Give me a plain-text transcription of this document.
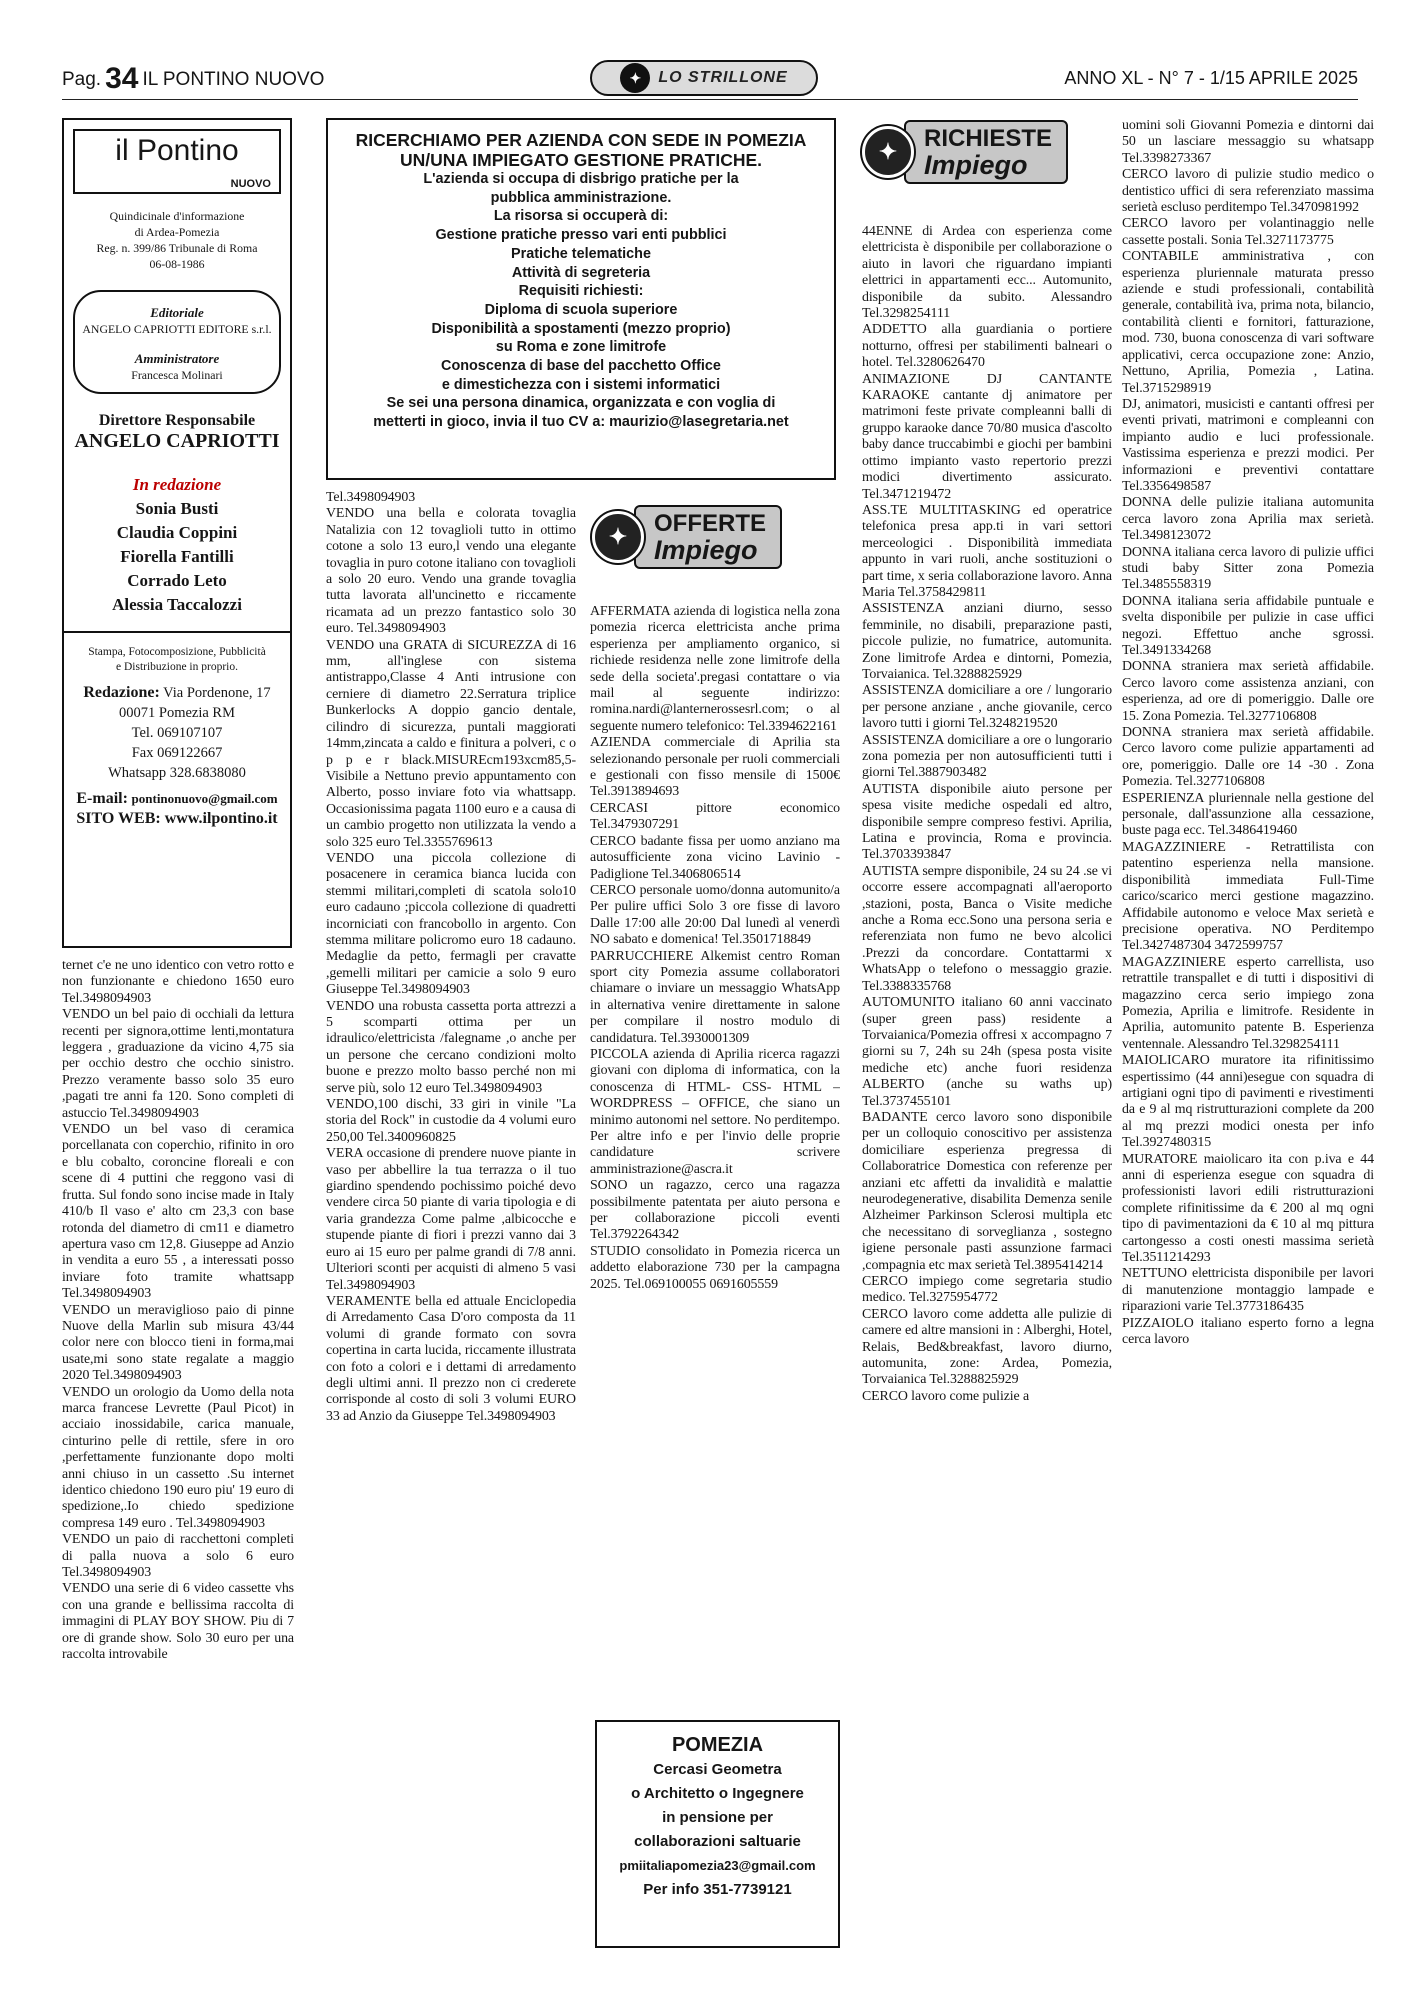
Pag. 34 IL PONTINO NUOVO	✦	LO STRILLONE	ANNO XL - N° 7 - 1/15 APRILE 2025
il Pontino
NUOVO
Quindicinale d'informazione
di Ardea-Pomezia
Reg. n. 399/86 Tribunale di Roma
06-08-1986
Editoriale
ANGELO CAPRIOTTI EDITORE s.r.l.
Amministratore
Francesca Molinari
Direttore Responsabile
ANGELO CAPRIOTTI
In redazione
Sonia Busti
Claudia Coppini
Fiorella Fantilli
Corrado Leto
Alessia Taccalozzi
Stampa, Fotocomposizione, Pubblicità
e Distribuzione in proprio.
Redazione: Via Pordenone, 17
00071 Pomezia RM
Tel. 069107107
Fax 069122667
Whatsapp 328.6838080
E-mail: pontinonuovo@gmail.com
SITO WEB: www.ilpontino.it
RICERCHIAMO PER AZIENDA CON SEDE IN POMEZIA
UN/UNA IMPIEGATO GESTIONE PRATICHE.
L'azienda si occupa di disbrigo pratiche per la
pubblica amministrazione.
La risorsa si occuperà di:
Gestione pratiche presso vari enti pubblici
Pratiche telematiche
Attività di segreteria
Requisiti richiesti:
Diploma di scuola superiore
Disponibilità a spostamenti (mezzo proprio)
su Roma e zone limitrofe
Conoscenza di base del pacchetto Office
e dimestichezza con i sistemi informatici
Se sei una persona dinamica, organizzata e con voglia di
metterti in gioco, invia il tuo CV a: maurizio@lasegretaria.net
✦	OFFERTE
Impiego
✦	RICHIESTE
Impiego

ternet c'e ne uno identico con vetro rotto e non funzionante e chiedono 1650 euro Tel.3498094903

VENDO un bel paio di occhiali da lettura recenti per signora,ottime lenti,montatura leggera , graduazione da vicino 4,75 sia per occhio destro che occhio sinistro. Prezzo veramente basso solo 35 euro ,pagati tre anni fa 120. Sono completi di astuccio Tel.3498094903

VENDO un bel vaso di ceramica porcellanata con coperchio, rifinito in oro e blu cobalto, coroncine floreali e con scene di 4 puttini che reggono vasi di frutta. Sul fondo sono incise made in Italy 410/b Il vaso e' alto cm 23,3 con base rotonda del diametro di cm11 e diametro apertura vaso cm 12,8. Giuseppe ad Anzio in vendita a euro 55 , a interessati posso inviare foto tramite whattsapp Tel.3498094903

VENDO un meraviglioso paio di pinne Nuove della Marlin sub misura 43/44 color nere con blocco tieni in forma,mai usate,mi sono state regalate a maggio 2020 Tel.3498094903

VENDO un orologio da Uomo della nota marca francese Levrette (Paul Picot) in acciaio inossidabile, carica manuale, cinturino pelle di rettile, sfere in oro ,perfettamente funzionante dopo molti anni chiuso in un cassetto .Su internet identico chiedono 190 euro piu' 19 euro di spedizione,.Io chiedo spedizione compresa 149 euro . Tel.3498094903

VENDO un paio di racchettoni completi di palla nuova a solo 6 euro Tel.3498094903

VENDO una serie di 6 video cassette vhs con una grande e bellissima raccolta di immagini di PLAY BOY SHOW. Piu di 7 ore di grande show. Solo 30 euro per una raccolta introvabile

Tel.3498094903

VENDO una bella e colorata tovaglia Natalizia con 12 tovaglioli tutto in ottimo cotone a solo 13 euro,l vendo una elegante tovaglia in puro cotone italiano con tovaglioli a solo 20 euro. Vendo una grande tovaglia tutta lavorata all'uncinetto e riccamente ricamata ad un prezzo fantastico solo 30 euro. Tel.3498094903

VENDO una GRATA di SICUREZZA di 16 mm, all'inglese con sistema antistrappo,Classe 4 Anti intrusione con cerniere di diametro 22.Serratura triplice Bunkerlocks A doppio gancio dentale, cilindro di sicurezza, puntali maggiorati 14mm,zincata a caldo e finitura a polveri, c o p p e r black.MISUREcm193xcm85,5-Visibile a Nettuno previo appuntamento con Alberto, posso inviare foto via whattsapp. Occasionissima pagata 1100 euro e a causa di un cambio progetto non utilizzata la vendo a solo 325 euro Tel.3355769613

VENDO una piccola collezione di posacenere in ceramica bianca lucida con stemmi militari,completi di scatola solo10 euro cadauno ;piccola collezione di quadretti incorniciati con francobollo in argento. Con stemma militare policromo euro 18 cadauno. Medaglie da petto, fermagli per cravatte ,gemelli militari per camicie a solo 9 euro Giuseppe Tel.3498094903

VENDO una robusta cassetta porta attrezzi a 5 scomparti ottima per un idraulico/elettricista /falegname ,o anche per un persone che cercano condizioni molto buone e prezzo molto basso perché non mi serve più, solo 12 euro Tel.3498094903

VENDO,100 dischi, 33 giri in vinile "La storia del Rock" in custodie da 4 volumi euro 250,00 Tel.3400960825

VERA occasione di prendere nuove piante in vaso per abbellire la tua terrazza o il tuo giardino spendendo pochissimo poiché devo vendere circa 50 piante di varia tipologia e di varia grandezza Come palme ,albicocche e stupende piante di fiori i prezzi vanno dai 3 euro ai 15 euro per palme grandi di 7/8 anni. Ulteriori sconti per acquisti di almeno 5 vasi Tel.3498094903

VERAMENTE bella ed attuale Enciclopedia di Arredamento Casa D'oro composta da 11 volumi di grande formato con sovra copertina in carta lucida, riccamente illustrata con foto a colori e i dettami di arredamento degli ultimi anni. Il prezzo non ci crederete corrisponde al costo di soli 3 volumi EURO 33 ad Anzio da Giuseppe Tel.3498094903

AFFERMATA azienda di logistica nella zona pomezia ricerca elettricista anche prima esperienza per ampliamento organico, si richiede residenza nelle zone limitrofe della sede della societa'.pregasi contattare o via mail al seguente indirizzo: romina.nardi@lanternerossesrl.com; o al seguente numero telefonico: Tel.3394622161

AZIENDA commerciale di Aprilia sta selezionando personale per ruoli commerciali e gestionali con fisso mensile di 1500€ Tel.3913894693

CERCASI pittore economico Tel.3479307291

CERCO badante fissa per uomo anziano ma autosufficiente zona vicino Lavinio - Padiglione Tel.3406806514

CERCO personale uomo/donna automunito/a Per pulire uffici Solo 3 ore fisse di lavoro Dalle 17:00 alle 20:00 Dal lunedì al venerdì NO sabato e domenica! Tel.3501718849

PARRUCCHIERE Alkemist centro Roman sport city Pomezia assume collaboratori chiamare o inviare un messaggio WhatsApp in alternativa venire direttamente in salone per compilare il nostro modulo di candidatura. Tel.3930001309

PICCOLA azienda di Aprilia ricerca ragazzi giovani con diploma di informatica, con la conoscenza di HTML- CSS- HTML – WORDPRESS – OFFICE, che siano un minimo autonomi nel settore. No perditempo. Per altre info e per l'invio delle proprie candidature scrivere amministrazione@ascra.it

SONO un ragazzo, cerco una ragazza possibilmente patentata per aiuto persona e per collaborazione piccoli eventi Tel.3792264342

STUDIO consolidato in Pomezia ricerca un addetto elaborazione 730 per la campagna 2025. Tel.069100055 0691605559

44ENNE di Ardea con esperienza come elettricista è disponibile per collaborazione o aiuto in lavori che riguardano impianti elettrici in appartamenti ecc... Automunito, disponibile da subito. Alessandro Tel.3298254111

ADDETTO alla guardiania o portiere notturno, offresi per stabilimenti balneari o hotel. Tel.3280626470

ANIMAZIONE DJ CANTANTE KARAOKE cantante dj animatore per matrimoni feste private compleanni balli di gruppo karaoke dance 70/80 musica d'ascolto baby dance truccabimbi e giochi per bambini ottimo impianto vasto repertorio prezzi modici divertimento assicurato. Tel.3471219472

ASS.TE MULTITASKING ed operatrice telefonica presa app.ti in vari settori merceologici . Disponibilità immediata appunto in vari ruoli, anche sostituzioni o part time, x seria collaborazione lavoro. Anna Maria Tel.3758429811

ASSISTENZA anziani diurno, sesso femminile, no disabili, preparazione pasti, piccole pulizie, no fumatrice, automunita. Zone limitrofe Ardea e dintorni, Pomezia, Torvaianica. Tel.3288825929

ASSISTENZA domiciliare a ore / lungorario per persone anziane , anche giovanile, cerco lavoro tutti i giorni Tel.3248219520

ASSISTENZA domiciliare a ore o lungorario zona pomezia per non autosufficienti tutti i giorni Tel.3887903482

AUTISTA disponibile aiuto persone per spesa visite mediche ospedali ed altro, disponibile sempre compreso festivi. Aprilia, Latina e provincia, Roma e provincia. Tel.3703393847

AUTISTA sempre disponibile, 24 su 24 .se vi occorre essere accompagnati all'aeroporto ,stazioni, posta, Banca o Visite mediche anche a Roma ecc.Sono una persona seria e referenziata non fumo ne bevo alcolici .Prezzi da concordare. Contattarmi x WhatsApp o telefono o messaggio grazie. Tel.3388335768

AUTOMUNITO italiano 60 anni vaccinato (super green pass) residente a Torvaianica/Pomezia offresi x accompagno 7 giorni su 7, 24h su 24h (spesa posta visite mediche etc) anche fuori residenza ALBERTO (anche su waths up) Tel.3737455101

BADANTE cerco lavoro sono disponibile per un colloquio conoscitivo per assistenza domiciliare esperienza pregressa di Collaboratrice Domestica con referenze per anziani etc affetti da invalidità e malattie neurodegenerative, disabilita Demenza senile Alzheimer Parkinson Sclerosi multipla etc che necessitano di sorveglianza , sostegno igiene personale pasti assunzione farmaci ,compagnia etc max serietà Tel.3895414214

CERCO impiego come segretaria studio medico. Tel.3275954772

CERCO lavoro come addetta alle pulizie di camere ed altre mansioni in : Alberghi, Hotel, Relais, Bed&breakfast, lavoro diurno, automunita, zone: Ardea, Pomezia, Torvaianica Tel.3288825929

CERCO lavoro come pulizie a

uomini soli Giovanni Pomezia e dintorni dai 50 un lasciare messaggio su whatsapp Tel.3398273367

CERCO lavoro di pulizie studio medico o dentistico uffici di sera referenziato massima serietà escluso perditempo Tel.3470981992

CERCO lavoro per volantinaggio nelle cassette postali. Sonia Tel.3271173775

CONTABILE amministrativa , con esperienza pluriennale maturata presso aziende e studi professionali, contabilità generale, contabilità iva, prima nota, bilancio, contabilità clienti e fornitori, fatturazione, mod. 730, buona conoscenza di vari software applicativi, cerca occupazione zone: Anzio, Nettuno, Aprilia, Pomezia , Latina. Tel.3715298919

DJ, animatori, musicisti e cantanti offresi per eventi privati, matrimoni e compleanni con impianto audio e luci professionale. Vastissima esperienza e prezzi modici. Per informazioni e preventivi contattare Tel.3356498587

DONNA delle pulizie italiana automunita cerca lavoro zona Aprilia max serietà. Tel.3498123072

DONNA italiana cerca lavoro di pulizie uffici studi baby Sitter zona Pomezia Tel.3485558319

DONNA italiana seria affidabile puntuale e svelta disponibile per pulizie in case uffici negozi. Effettuo anche sgrossi. Tel.3491334268

DONNA straniera max serietà affidabile. Cerco lavoro come assistenza anziani, con esperienza, ad ore di pomeriggio. Dalle ore 15. Zona Pomezia. Tel.3277106808

DONNA straniera max serietà affidabile. Cerco lavoro come pulizie appartamenti ad ore, pomeriggio. Dalle ore 14 -30 . Zona Pomezia. Tel.3277106808

ESPERIENZA pluriennale nella gestione del personale, dall'assunzione alla cessazione, buste paga ecc. Tel.3486419460

MAGAZZINIERE - Retrattilista con patentino esperienza nella mansione. disponibilità immediata Full-Time carico/scarico merci gestione magazzino. Affidabile autonomo e veloce Max serietà e precisione operativa. NO Perditempo Tel.3427487304 3472599757

MAGAZZINIERE esperto carrellista, uso retrattile transpallet e di tutti i dispositivi di magazzino cerca serio impiego zona Pomezia, Aprilia e limitrofe. Residente in Aprilia, automunito patente B. Esperienza ventennale. Alessandro Tel.3298254111

MAIOLICARO muratore ita rifinitissimo espertissimo (44 anni)esegue con squadra di artigiani ogni tipo di pavimenti e rivestimenti da e 9 al mq ristrutturazioni complete da 200 al mq prezzi modici onesta per info Tel.3927480315

MURATORE maiolicaro ita con p.iva e 44 anni di esperienza esegue con squadra di professionisti lavori edili ristrutturazioni complete rifinitissime da € 200 al mq ogni tipo di pavimentazioni da € 10 al mq pittura cartongesso a costi onesti massima serietà Tel.3511214293

NETTUNO elettricista disponibile per lavori di manutenzione montaggio lampade e riparazioni varie Tel.3773186435

PIZZAIOLO italiano esperto forno a legna cerca lavoro

POMEZIA
Cercasi Geometra
o Architetto o Ingegnere
in pensione per
collaborazioni saltuarie
pmiitaliapomezia23@gmail.com
Per info 351-7739121
